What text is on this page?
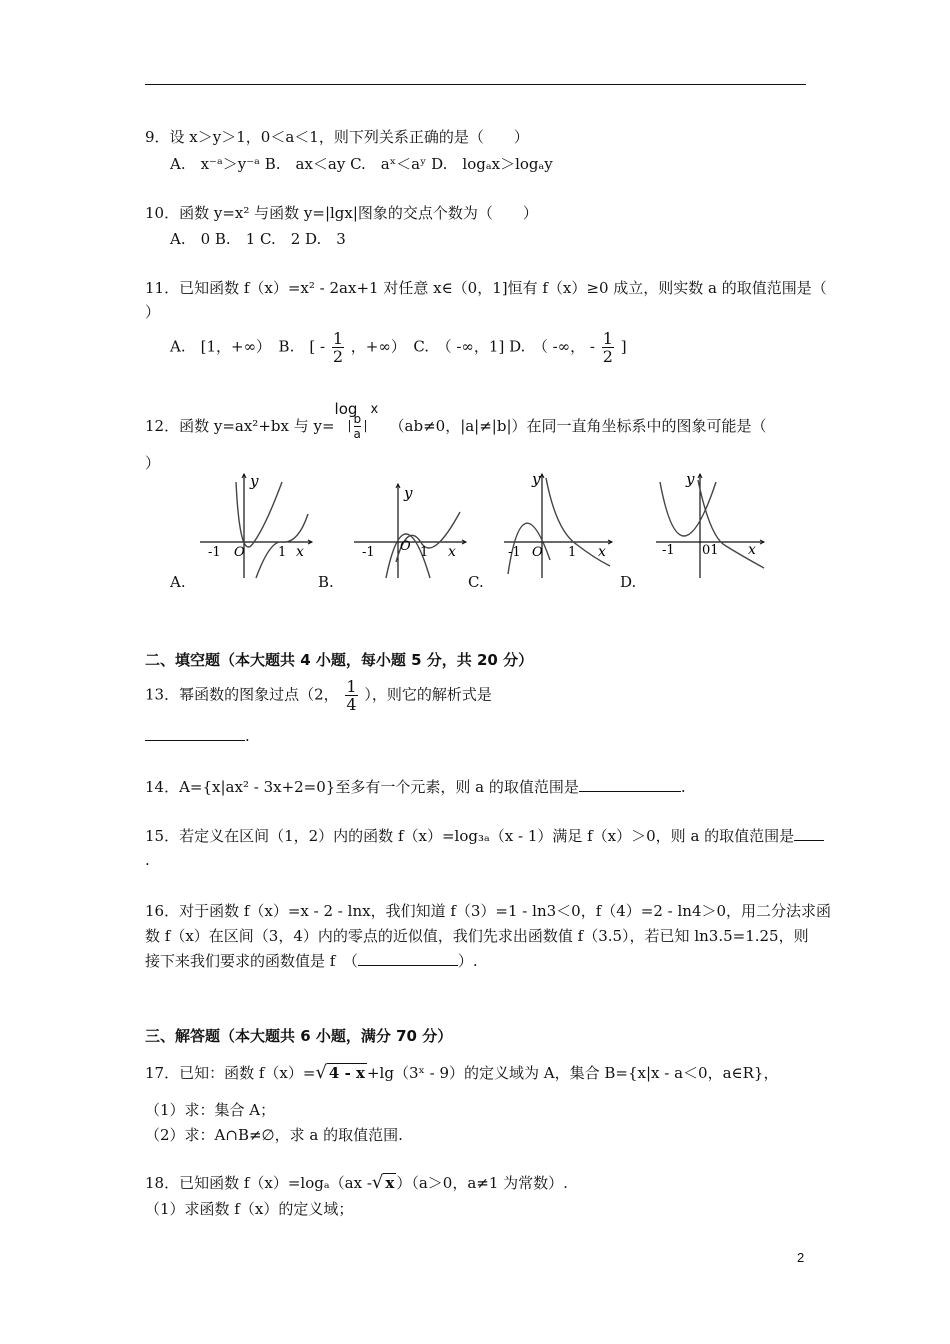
9．设 x＞y＞1，0＜a＜1，则下列关系正确的是（　　）
A.　x⁻ᵃ＞y⁻ᵃ B.　ax＜ay C.　aˣ＜aʸ D.　logₐx＞logₐy
10．函数 y=x² 与函数 y=|lgx|图象的交点个数为（　　）
A.　0 B.　1 C.　2 D.　3
11．已知函数 f（x）=x² - 2ax+1 对任意 x∈（0，1]恒有 f（x）≥0 成立，则实数 a 的取值范围是（
）
A.　[1，+∞）　B.　[ - $\frac{1}{2}$ ，+∞）　C.　（ -∞，1] D.　（ -∞， - $\frac{1}{2}$ ]
12．函数 y=ax²+bx 与 y=
log
| b
a
|
x
（ab≠0，|a|≠|b|）在同一直角坐标系中的图象可能是（
）
y
-1 O	1 x
y
-1 O 1 x
y
-1 O 1 x
y
-1 01 x
A.	B.	C.	D.
二、填空题（本大题共 4 小题，每小题 5 分，共 20 分）
13．幂函数的图象过点（2， $\frac{1}{4}$ ），则它的解析式是
.
14．A={x|ax² - 3x+2=0}至多有一个元素，则 a 的取值范围是	.
15．若定义在区间（1，2）内的函数 f（x）=log₃ₐ（x - 1）满足 f（x）＞0，则 a 的取值范围是
.
16．对于函数 f（x）=x - 2 - lnx，我们知道 f（3）=1 - ln3＜0，f（4）=2 - ln4＞0，用二分法求函
数 f（x）在区间（3，4）内的零点的近似值，我们先求出函数值 f（3.5），若已知 ln3.5=1.25，则
接下来我们要求的函数值是 f　（	）.
三、解答题（本大题共 6 小题，满分 70 分）
17．已知：函数 f（x）=√ 4 - x +lg（3ˣ - 9）的定义域为 A，集合 B={x|x - a＜0，a∈R}，
（1）求：集合 A；
（2）求：A∩B≠∅，求 a 的取值范围.
18．已知函数 f（x）=logₐ（ax -√ x ）（a＞0，a≠1 为常数）.
（1）求函数 f（x）的定义域；
2
